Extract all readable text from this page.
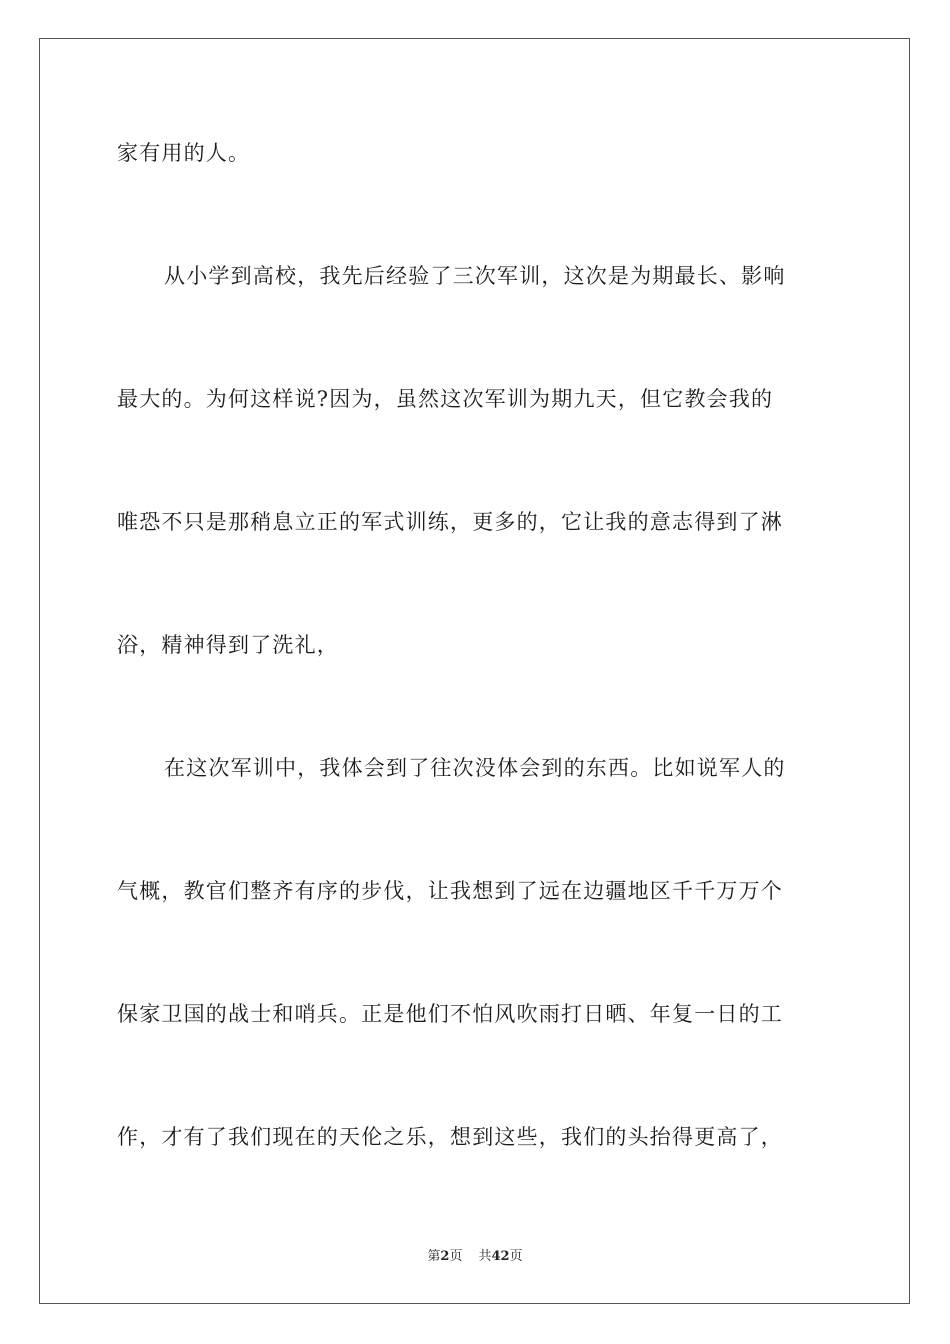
家有用的人。
从小学到高校，我先后经验了三次军训，这次是为期最长、影响
最大的。为何这样说?因为，虽然这次军训为期九天，但它教会我的
唯恐不只是那稍息立正的军式训练，更多的，它让我的意志得到了淋
浴，精神得到了洗礼，
在这次军训中，我体会到了往次没体会到的东西。比如说军人的
气概，教官们整齐有序的步伐，让我想到了远在边疆地区千千万万个
保家卫国的战士和哨兵。正是他们不怕风吹雨打日晒、年复一日的工
作，才有了我们现在的天伦之乐，想到这些，我们的头抬得更高了，
第2页 共42页
